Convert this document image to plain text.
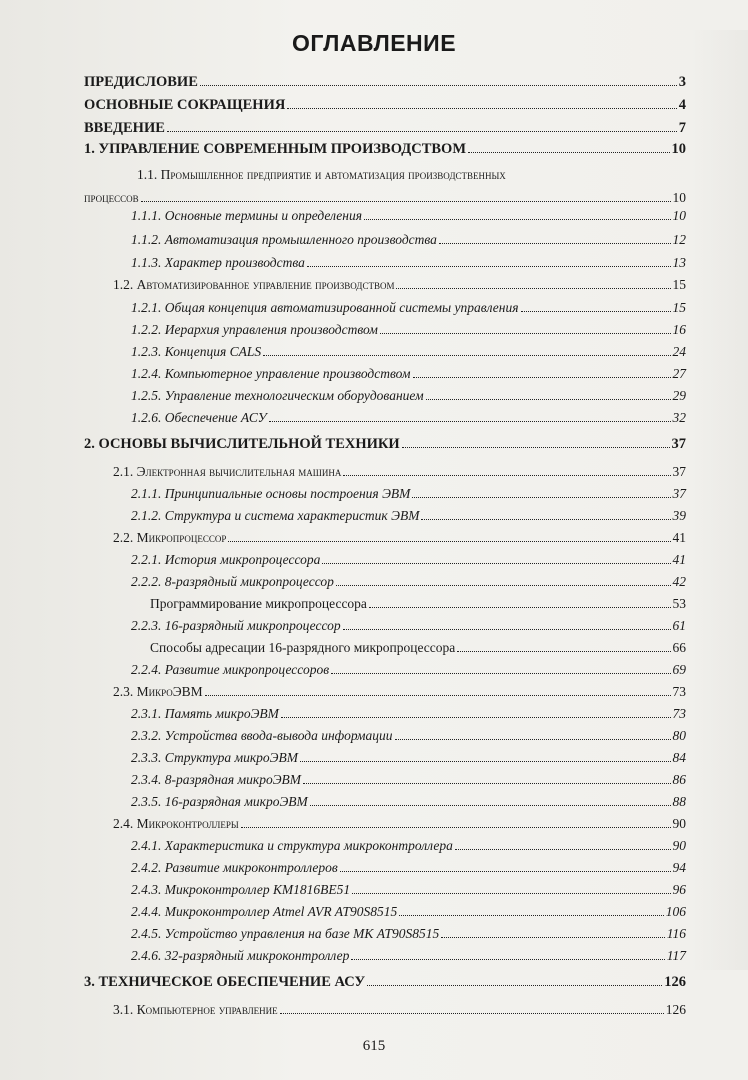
ОГЛАВЛЕНИЕ
ПРЕДИСЛОВИЕ	3
ОСНОВНЫЕ СОКРАЩЕНИЯ	4
ВВЕДЕНИЕ	7
1. УПРАВЛЕНИЕ СОВРЕМЕННЫМ ПРОИЗВОДСТВОМ	10
1.1. Промышленное предприятие и автоматизация производственных
процессов	10
1.1.1. Основные термины и определения	10
1.1.2. Автоматизация промышленного производства	12
1.1.3. Характер производства	13
1.2. Автоматизированное управление производством	15
1.2.1. Общая концепция автоматизированной системы управления	15
1.2.2. Иерархия управления производством	16
1.2.3. Концепция CALS	24
1.2.4. Компьютерное управление производством	27
1.2.5. Управление технологическим оборудованием	29
1.2.6. Обеспечение АСУ	32
2. ОСНОВЫ ВЫЧИСЛИТЕЛЬНОЙ ТЕХНИКИ	37
2.1. Электронная вычислительная машина	37
2.1.1. Принципиальные основы построения ЭВМ	37
2.1.2. Структура и система характеристик ЭВМ	39
2.2. Микропроцессор	41
2.2.1. История микропроцессора	41
2.2.2. 8-разрядный микропроцессор	42
Программирование микропроцессора	53
2.2.3. 16-разрядный микропроцессор	61
Способы адресации 16-разрядного микропроцессора	66
2.2.4. Развитие микропроцессоров	69
2.3. МикроЭВМ	73
2.3.1. Память микроЭВМ	73
2.3.2. Устройства ввода-вывода информации	80
2.3.3. Структура микроЭВМ	84
2.3.4. 8-разрядная микроЭВМ	86
2.3.5. 16-разрядная микроЭВМ	88
2.4. Микроконтроллеры	90
2.4.1. Характеристика и структура микроконтроллера	90
2.4.2. Развитие микроконтроллеров	94
2.4.3. Микроконтроллер КМ1816ВЕ51	96
2.4.4. Микроконтроллер Atmel AVR AT90S8515	106
2.4.5. Устройство управления на базе МК AT90S8515	116
2.4.6. 32-разрядный микроконтроллер	117
3. ТЕХНИЧЕСКОЕ ОБЕСПЕЧЕНИЕ АСУ	126
3.1. Компьютерное управление	126
615
